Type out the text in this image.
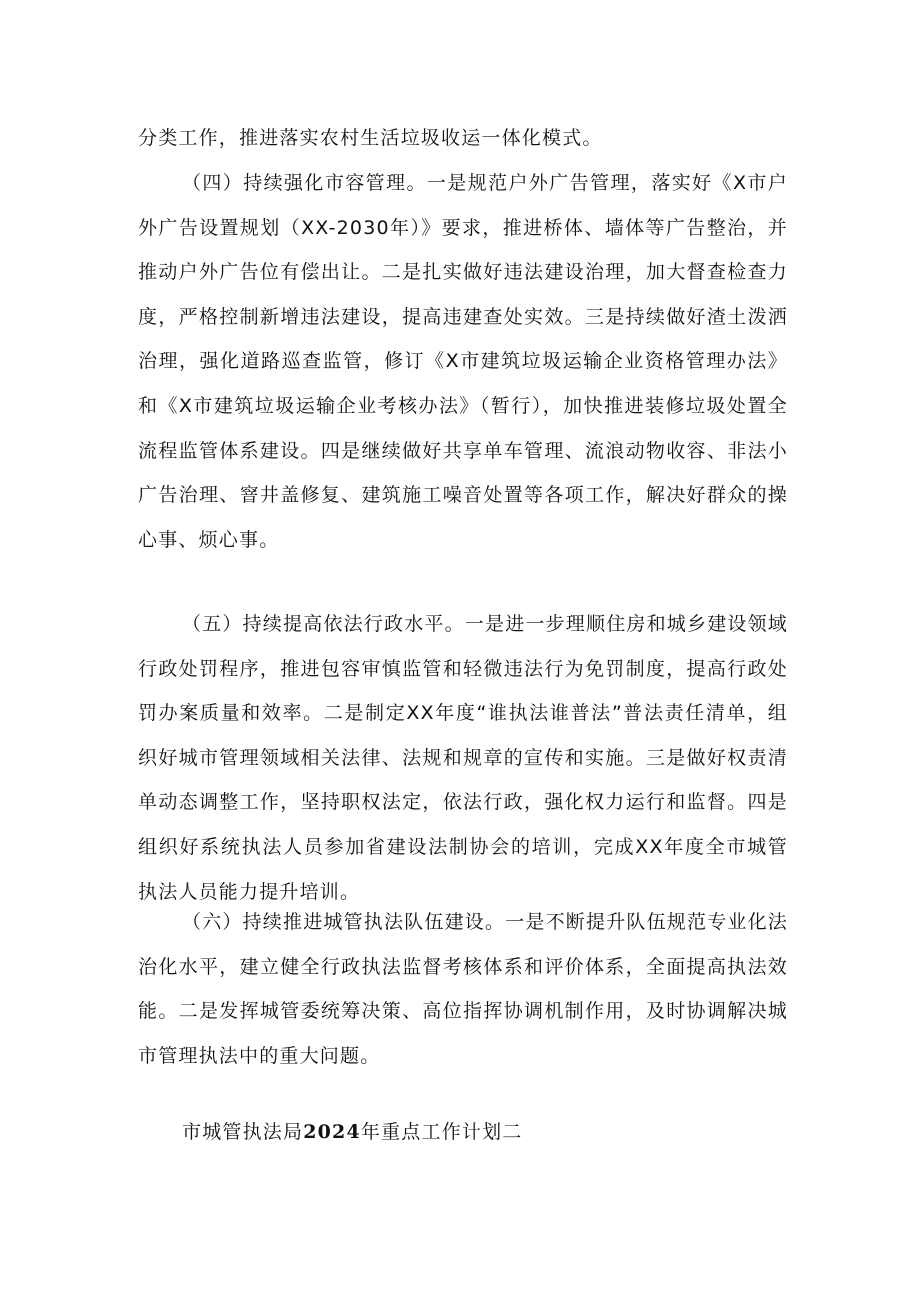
分类工作，推进落实农村生活垃圾收运一体化模式。

（四）持续强化市容管理。一是规范户外广告管理，落实好《X市户外广告设置规划（XX-2030年）》要求，推进桥体、墙体等广告整治，并推动户外广告位有偿出让。二是扎实做好违法建设治理，加大督查检查力度，严格控制新增违法建设，提高违建查处实效。三是持续做好渣土泼洒治理，强化道路巡查监管，修订《X市建筑垃圾运输企业资格管理办法》和《X市建筑垃圾运输企业考核办法》（暂行），加快推进装修垃圾处置全流程监管体系建设。四是继续做好共享单车管理、流浪动物收容、非法小广告治理、窨井盖修复、建筑施工噪音处置等各项工作，解决好群众的操心事、烦心事。

（五）持续提高依法行政水平。一是进一步理顺住房和城乡建设领域行政处罚程序，推进包容审慎监管和轻微违法行为免罚制度，提高行政处罚办案质量和效率。二是制定XX年度“谁执法谁普法”普法责任清单，组织好城市管理领域相关法律、法规和规章的宣传和实施。三是做好权责清单动态调整工作，坚持职权法定，依法行政，强化权力运行和监督。四是组织好系统执法人员参加省建设法制协会的培训，完成XX年度全市城管执法人员能力提升培训。

（六）持续推进城管执法队伍建设。一是不断提升队伍规范专业化法治化水平，建立健全行政执法监督考核体系和评价体系，全面提高执法效能。二是发挥城管委统筹决策、高位指挥协调机制作用，及时协调解决城市管理执法中的重大问题。

市城管执法局2024年重点工作计划二
